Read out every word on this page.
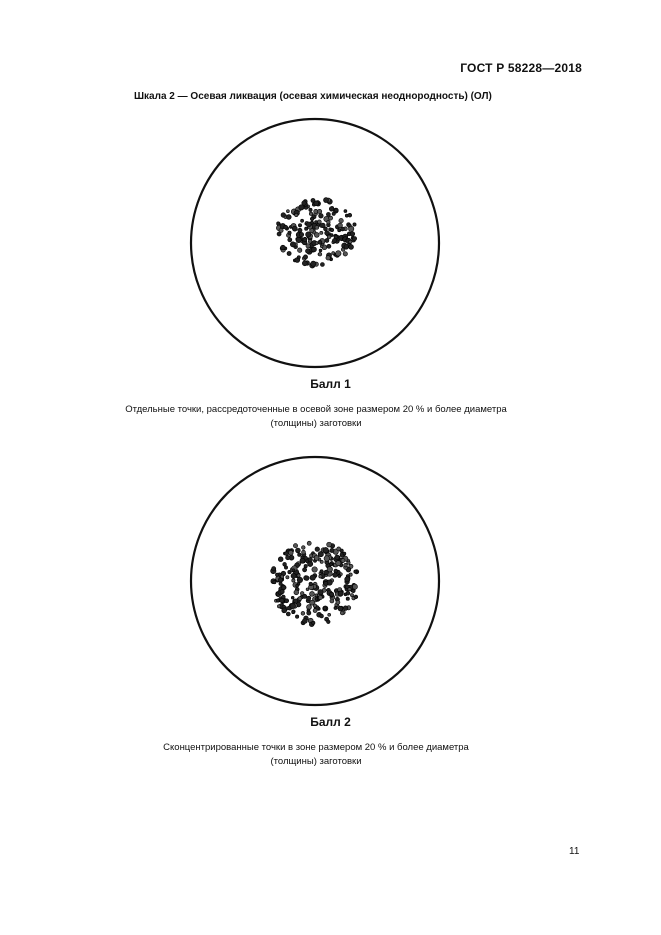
ГОСТ Р 58228—2018
Шкала 2 — Осевая ликвация (осевая химическая неоднородность) (ОЛ)
Балл 1
Отдельные точки, рассредоточенные в осевой зоне размером 20 % и более диаметра
(толщины) заготовки
Балл 2
Сконцентрированные точки в зоне размером 20 % и более диаметра
(толщины) заготовки
11
